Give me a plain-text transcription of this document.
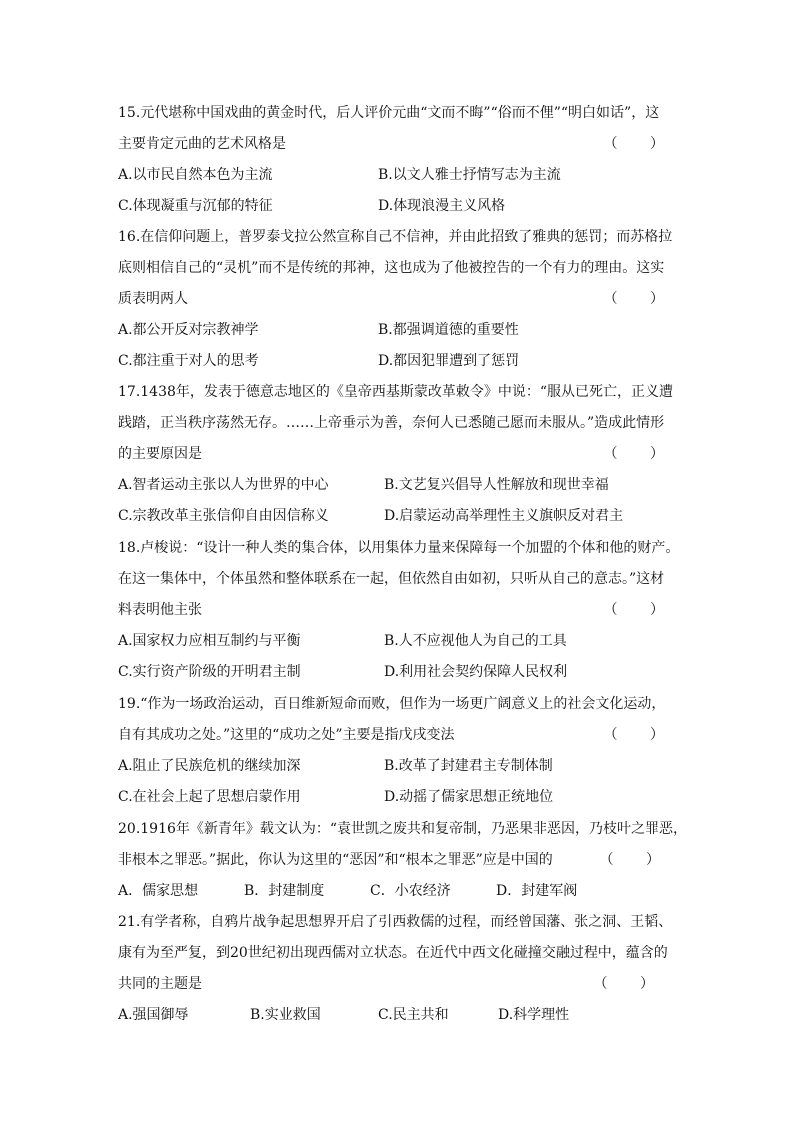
15.元代堪称中国戏曲的黄金时代，后人评价元曲“文而不晦”“俗而不俚”“明白如话”，这
主要肯定元曲的艺术风格是	（ ）
A.以市民自然本色为主流	B.以文人雅士抒情写志为主流
C.体现凝重与沉郁的特征	D.体现浪漫主义风格
16.在信仰问题上，普罗泰戈拉公然宣称自己不信神，并由此招致了雅典的惩罚；而苏格拉
底则相信自己的“灵机”而不是传统的邦神，这也成为了他被控告的一个有力的理由。这实
质表明两人	（ ）
A.都公开反对宗教神学	B.都强调道德的重要性
C.都注重于对人的思考	D.都因犯罪遭到了惩罚
17.1438年，发表于德意志地区的《皇帝西基斯蒙改革敕令》中说：“服从已死亡，正义遭
践踏，正当秩序荡然无存。……上帝垂示为善，奈何人已悉随己愿而未服从。”造成此情形
的主要原因是	（ ）
A.智者运动主张以人为世界的中心	B.文艺复兴倡导人性解放和现世幸福
C.宗教改革主张信仰自由因信称义	D.启蒙运动高举理性主义旗帜反对君主
18.卢梭说：“设计一种人类的集合体，以用集体力量来保障每一个加盟的个体和他的财产。
在这一集体中，个体虽然和整体联系在一起，但依然自由如初，只听从自己的意志。”这材
料表明他主张	（ ）
A.国家权力应相互制约与平衡	B.人不应视他人为自己的工具
C.实行资产阶级的开明君主制	D.利用社会契约保障人民权利
19.“作为一场政治运动，百日维新短命而败，但作为一场更广阔意义上的社会文化运动，
自有其成功之处。”这里的“成功之处”主要是指戊戌变法	（ ）
A.阻止了民族危机的继续加深	B.改革了封建君主专制体制
C.在社会上起了思想启蒙作用	D.动摇了儒家思想正统地位
20.1916年《新青年》载文认为：“袁世凯之废共和复帝制，乃恶果非恶因，乃枝叶之罪恶，
非根本之罪恶。”据此，你认为这里的“恶因”和“根本之罪恶”应是中国的	（ ）
A．儒家思想	B．封建制度	C．小农经济	D．封建军阀
21.有学者称，自鸦片战争起思想界开启了引西救儒的过程，而经曾国藩、张之洞、王韬、
康有为至严复，到20世纪初出现西儒对立状态。在近代中西文化碰撞交融过程中，蕴含的
共同的主题是	（ ）
A.强国御辱	B.实业救国	C.民主共和	D.科学理性
